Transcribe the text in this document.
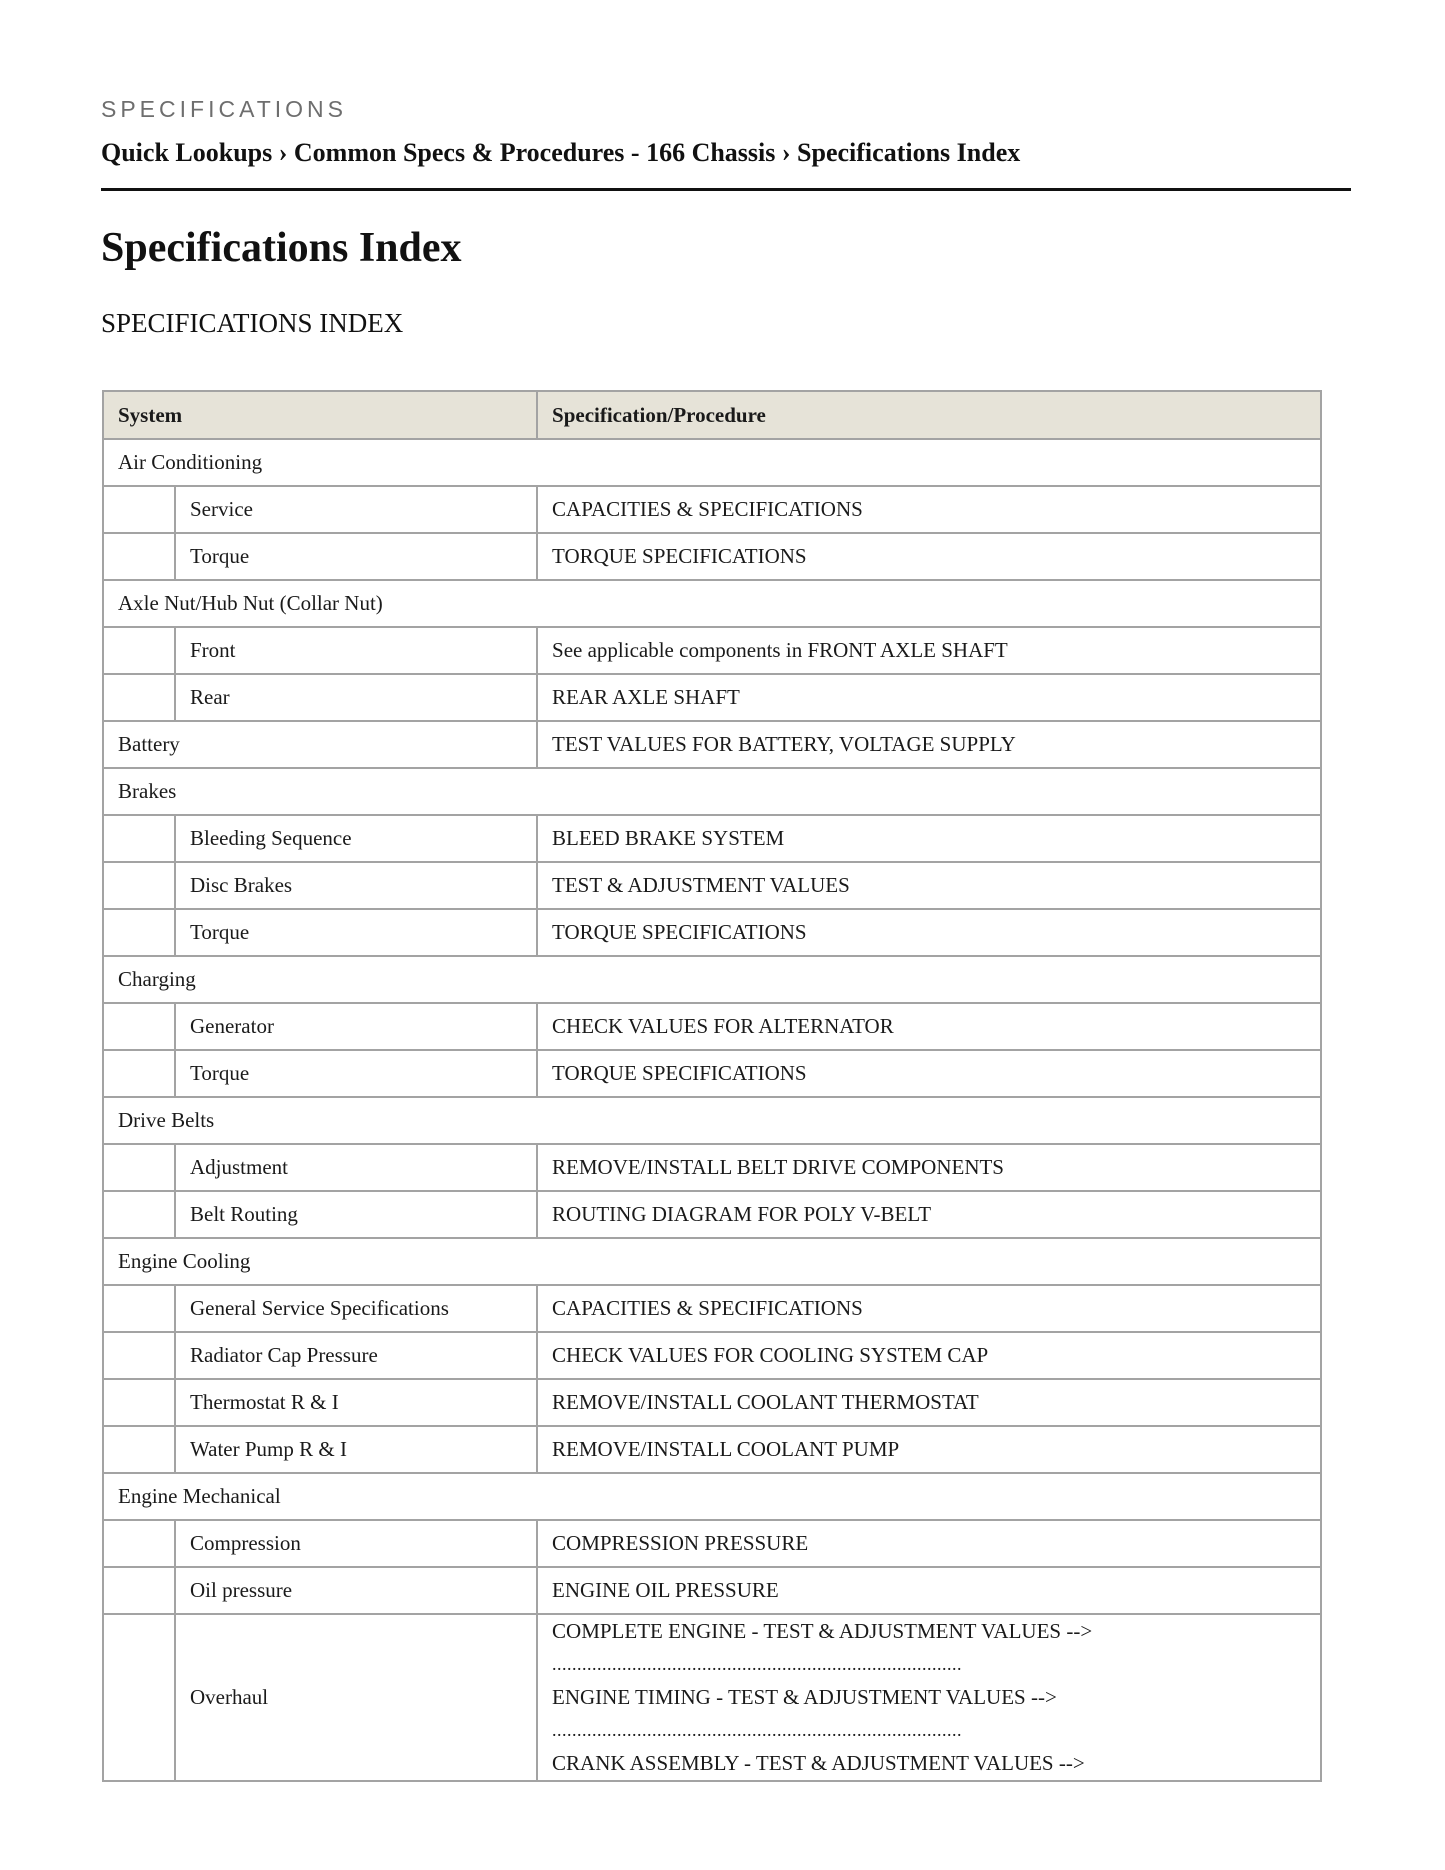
SPECIFICATIONS
Quick Lookups › Common Specs & Procedures - 166 Chassis › Specifications Index
Specifications Index
SPECIFICATIONS INDEX
System		Specification/Procedure
Air Conditioning		
	Service	CAPACITIES & SPECIFICATIONS
	Torque	TORQUE SPECIFICATIONS
Axle Nut/Hub Nut (Collar Nut)		
	Front	See applicable components in FRONT AXLE SHAFT
	Rear	REAR AXLE SHAFT
Battery		TEST VALUES FOR BATTERY, VOLTAGE SUPPLY
Brakes		
	Bleeding Sequence	BLEED BRAKE SYSTEM
	Disc Brakes	TEST & ADJUSTMENT VALUES
	Torque	TORQUE SPECIFICATIONS
Charging		
	Generator	CHECK VALUES FOR ALTERNATOR
	Torque	TORQUE SPECIFICATIONS
Drive Belts		
	Adjustment	REMOVE/INSTALL BELT DRIVE COMPONENTS
	Belt Routing	ROUTING DIAGRAM FOR POLY V-BELT
Engine Cooling		
	General Service Specifications	CAPACITIES & SPECIFICATIONS
	Radiator Cap Pressure	CHECK VALUES FOR COOLING SYSTEM CAP
	Thermostat R & I	REMOVE/INSTALL COOLANT THERMOSTAT
	Water Pump R & I	REMOVE/INSTALL COOLANT PUMP
Engine Mechanical		
	Compression	COMPRESSION PRESSURE
	Oil pressure	ENGINE OIL PRESSURE
	Overhaul	COMPLETE ENGINE - TEST & ADJUSTMENT VALUES -->
..................................................................................
ENGINE TIMING - TEST & ADJUSTMENT VALUES -->
..................................................................................
CRANK ASSEMBLY - TEST & ADJUSTMENT VALUES -->
